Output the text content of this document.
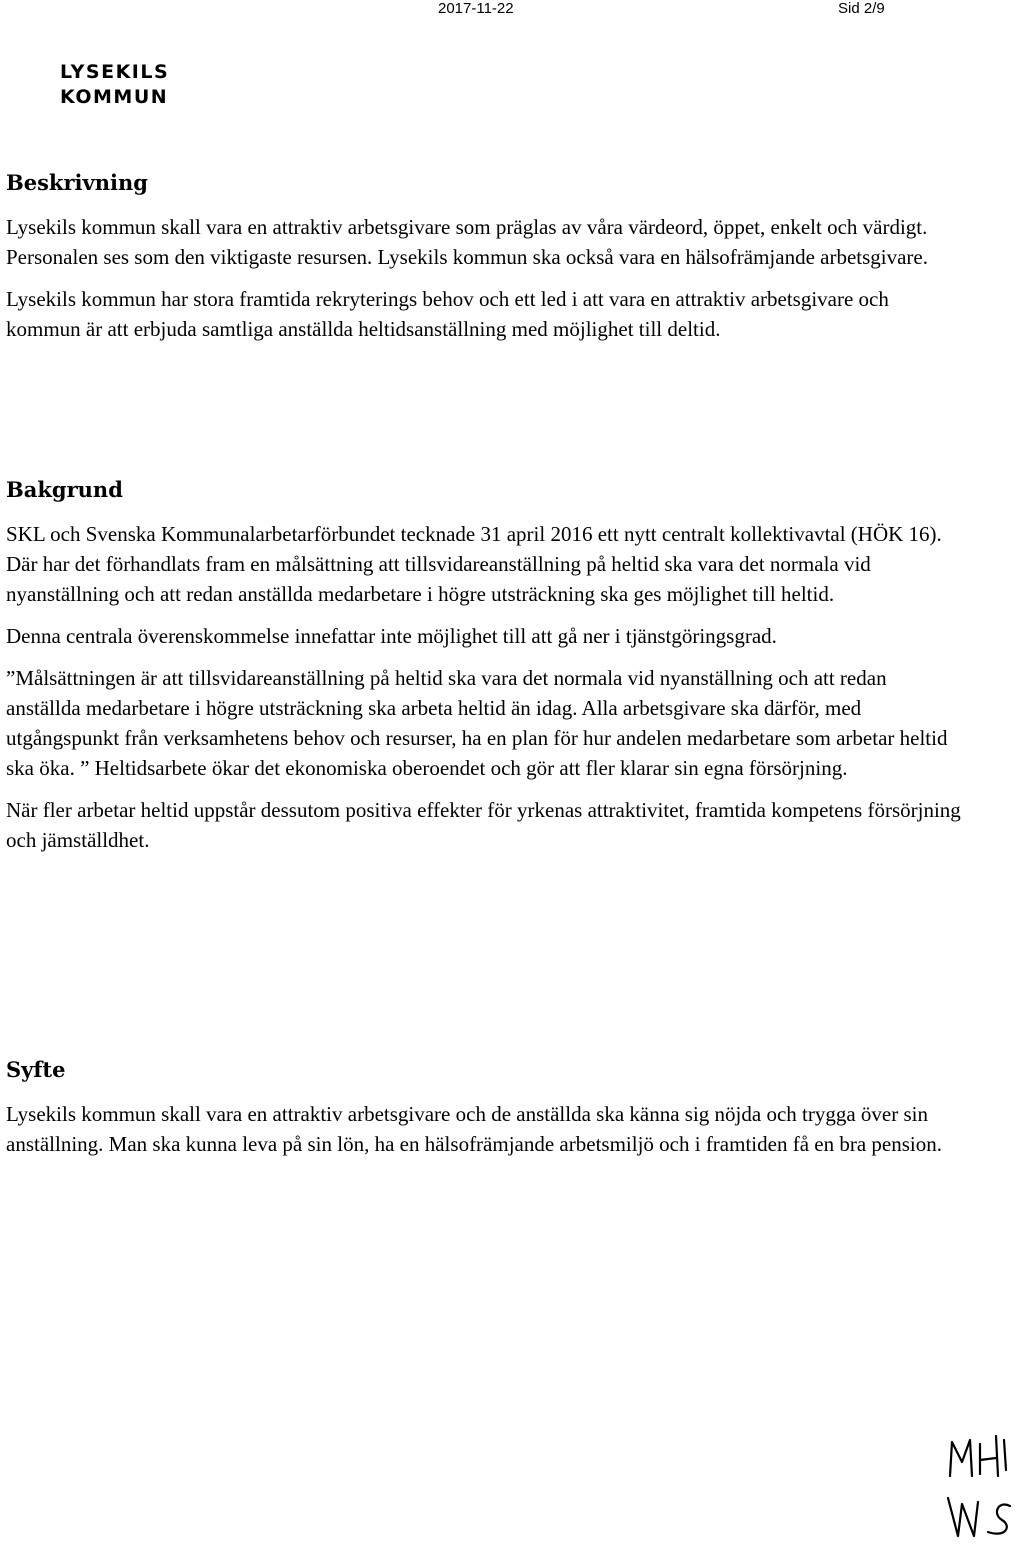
2017-11-22	Sid 2/9
LYSEKILS
KOMMUN
Beskrivning

Lysekils kommun skall vara en attraktiv arbetsgivare som präglas av våra värdeord, öppet, enkelt och värdigt. Personalen ses som den viktigaste resursen. Lysekils kommun ska också vara en hälsofrämjande arbetsgivare.

Lysekils kommun har stora framtida rekryterings behov och ett led i att vara en attraktiv arbetsgivare och kommun är att erbjuda samtliga anställda heltidsanställning med möjlighet till deltid.

Bakgrund

SKL och Svenska Kommunalarbetarförbundet tecknade 31 april 2016 ett nytt centralt kollektivavtal (HÖK 16). Där har det förhandlats fram en målsättning att tillsvidareanställning på heltid ska vara det normala vid nyanställning och att redan anställda medarbetare i högre utsträckning ska ges möjlighet till heltid.

Denna centrala överenskommelse innefattar inte möjlighet till att gå ner i tjänstgöringsgrad.

”Målsättningen är att tillsvidareanställning på heltid ska vara det normala vid nyanställning och att redan anställda medarbetare i högre utsträckning ska arbeta heltid än idag. Alla arbetsgivare ska därför, med utgångspunkt från verksamhetens behov och resurser, ha en plan för hur andelen medarbetare som arbetar heltid ska öka. ” Heltidsarbete ökar det ekonomiska oberoendet och gör att fler klarar sin egna försörjning.

När fler arbetar heltid uppstår dessutom positiva effekter för yrkenas attraktivitet, framtida kompetens försörjning och jämställdhet.

Syfte

Lysekils kommun skall vara en attraktiv arbetsgivare och de anställda ska känna sig nöjda och trygga över sin anställning. Man ska kunna leva på sin lön, ha en hälsofrämjande arbetsmiljö och i framtiden få en bra pension.
